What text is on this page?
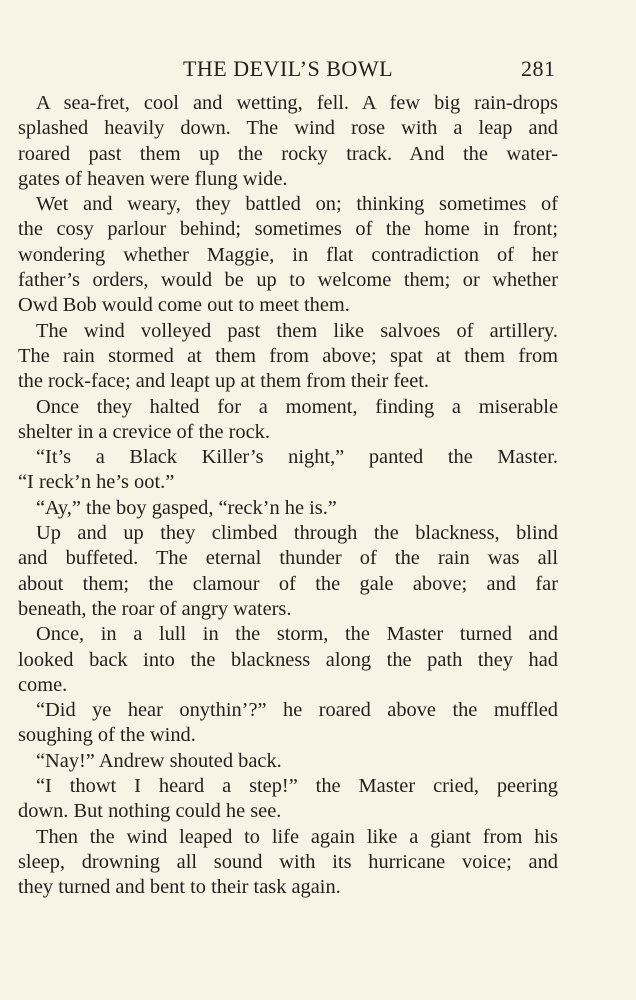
THE DEVIL’S BOWL	281
A sea-fret, cool and wetting, fell. A few big rain-drops
splashed heavily down. The wind rose with a leap and
roared past them up the rocky track. And the water-
gates of heaven were flung wide.
Wet and weary, they battled on; thinking sometimes of
the cosy parlour behind; sometimes of the home in front;
wondering whether Maggie, in flat contradiction of her
father’s orders, would be up to welcome them; or whether
Owd Bob would come out to meet them.
The wind volleyed past them like salvoes of artillery.
The rain stormed at them from above; spat at them from
the rock-face; and leapt up at them from their feet.
Once they halted for a moment, finding a miserable
shelter in a crevice of the rock.
“It’s a Black Killer’s night,” panted the Master.
“I reck’n he’s oot.”
“Ay,” the boy gasped, “reck’n he is.”
Up and up they climbed through the blackness, blind
and buffeted. The eternal thunder of the rain was all
about them; the clamour of the gale above; and far
beneath, the roar of angry waters.
Once, in a lull in the storm, the Master turned and
looked back into the blackness along the path they had
come.
“Did ye hear onythin’?” he roared above the muffled
soughing of the wind.
“Nay!” Andrew shouted back.
“I thowt I heard a step!” the Master cried, peering
down. But nothing could he see.
Then the wind leaped to life again like a giant from his
sleep, drowning all sound with its hurricane voice; and
they turned and bent to their task again.
